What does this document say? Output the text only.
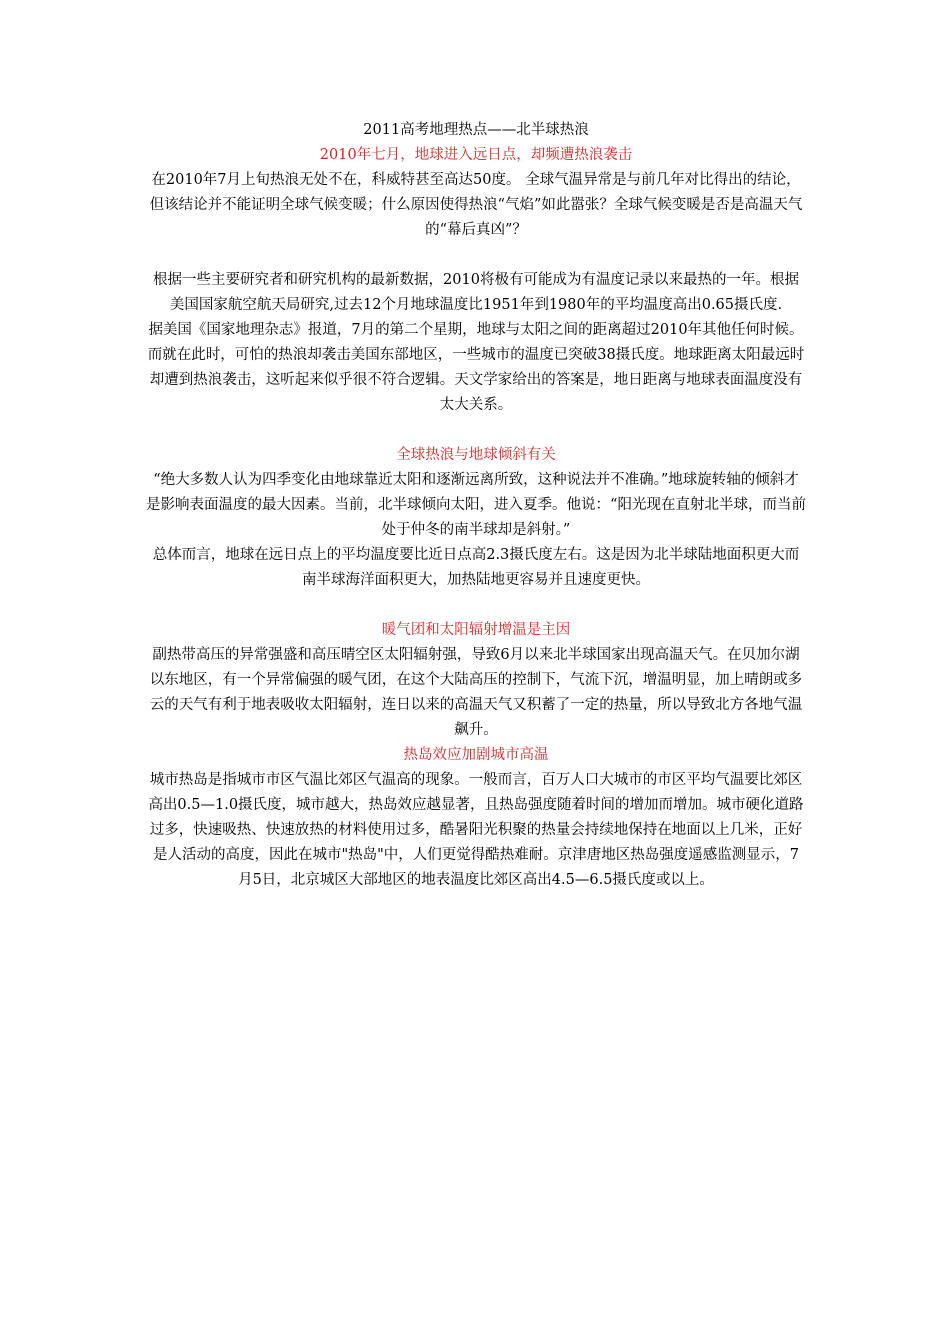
2011高考地理热点——北半球热浪
2010年七月，地球进入远日点，却频遭热浪袭击

在2010年7月上旬热浪无处不在，科威特甚至高达50度。 全球气温异常是与前几年对比得出的结论，但该结论并不能证明全球气候变暖；什么原因使得热浪“气焰”如此嚣张？全球气候变暖是否是高温天气的“幕后真凶”？

根据一些主要研究者和研究机构的最新数据，2010将极有可能成为有温度记录以来最热的一年。根据美国国家航空航天局研究,过去12个月地球温度比1951年到1980年的平均温度高出0.65摄氏度.

据美国《国家地理杂志》报道，7月的第二个星期，地球与太阳之间的距离超过2010年其他任何时候。而就在此时，可怕的热浪却袭击美国东部地区，一些城市的温度已突破38摄氏度。地球距离太阳最远时却遭到热浪袭击，这听起来似乎很不符合逻辑。天文学家给出的答案是，地日距离与地球表面温度没有太大关系。

全球热浪与地球倾斜有关

“绝大多数人认为四季变化由地球靠近太阳和逐渐远离所致，这种说法并不准确。”地球旋转轴的倾斜才是影响表面温度的最大因素。当前，北半球倾向太阳，进入夏季。他说：“阳光现在直射北半球，而当前处于仲冬的南半球却是斜射。”

总体而言，地球在远日点上的平均温度要比近日点高2.3摄氏度左右。这是因为北半球陆地面积更大而南半球海洋面积更大，加热陆地更容易并且速度更快。

暖气团和太阳辐射增温是主因

副热带高压的异常强盛和高压晴空区太阳辐射强，导致6月以来北半球国家出现高温天气。在贝加尔湖以东地区，有一个异常偏强的暖气团，在这个大陆高压的控制下，气流下沉，增温明显，加上晴朗或多云的天气有利于地表吸收太阳辐射，连日以来的高温天气又积蓄了一定的热量，所以导致北方各地气温飙升。

热岛效应加剧城市高温

城市热岛是指城市市区气温比郊区气温高的现象。一般而言，百万人口大城市的市区平均气温要比郊区高出0.5—1.0摄氏度，城市越大，热岛效应越显著，且热岛强度随着时间的增加而增加。城市硬化道路过多，快速吸热、快速放热的材料使用过多，酷暑阳光积聚的热量会持续地保持在地面以上几米，正好是人活动的高度，因此在城市"热岛"中，人们更觉得酷热难耐。京津唐地区热岛强度遥感监测显示，7月5日，北京城区大部地区的地表温度比郊区高出4.5—6.5摄氏度或以上。
